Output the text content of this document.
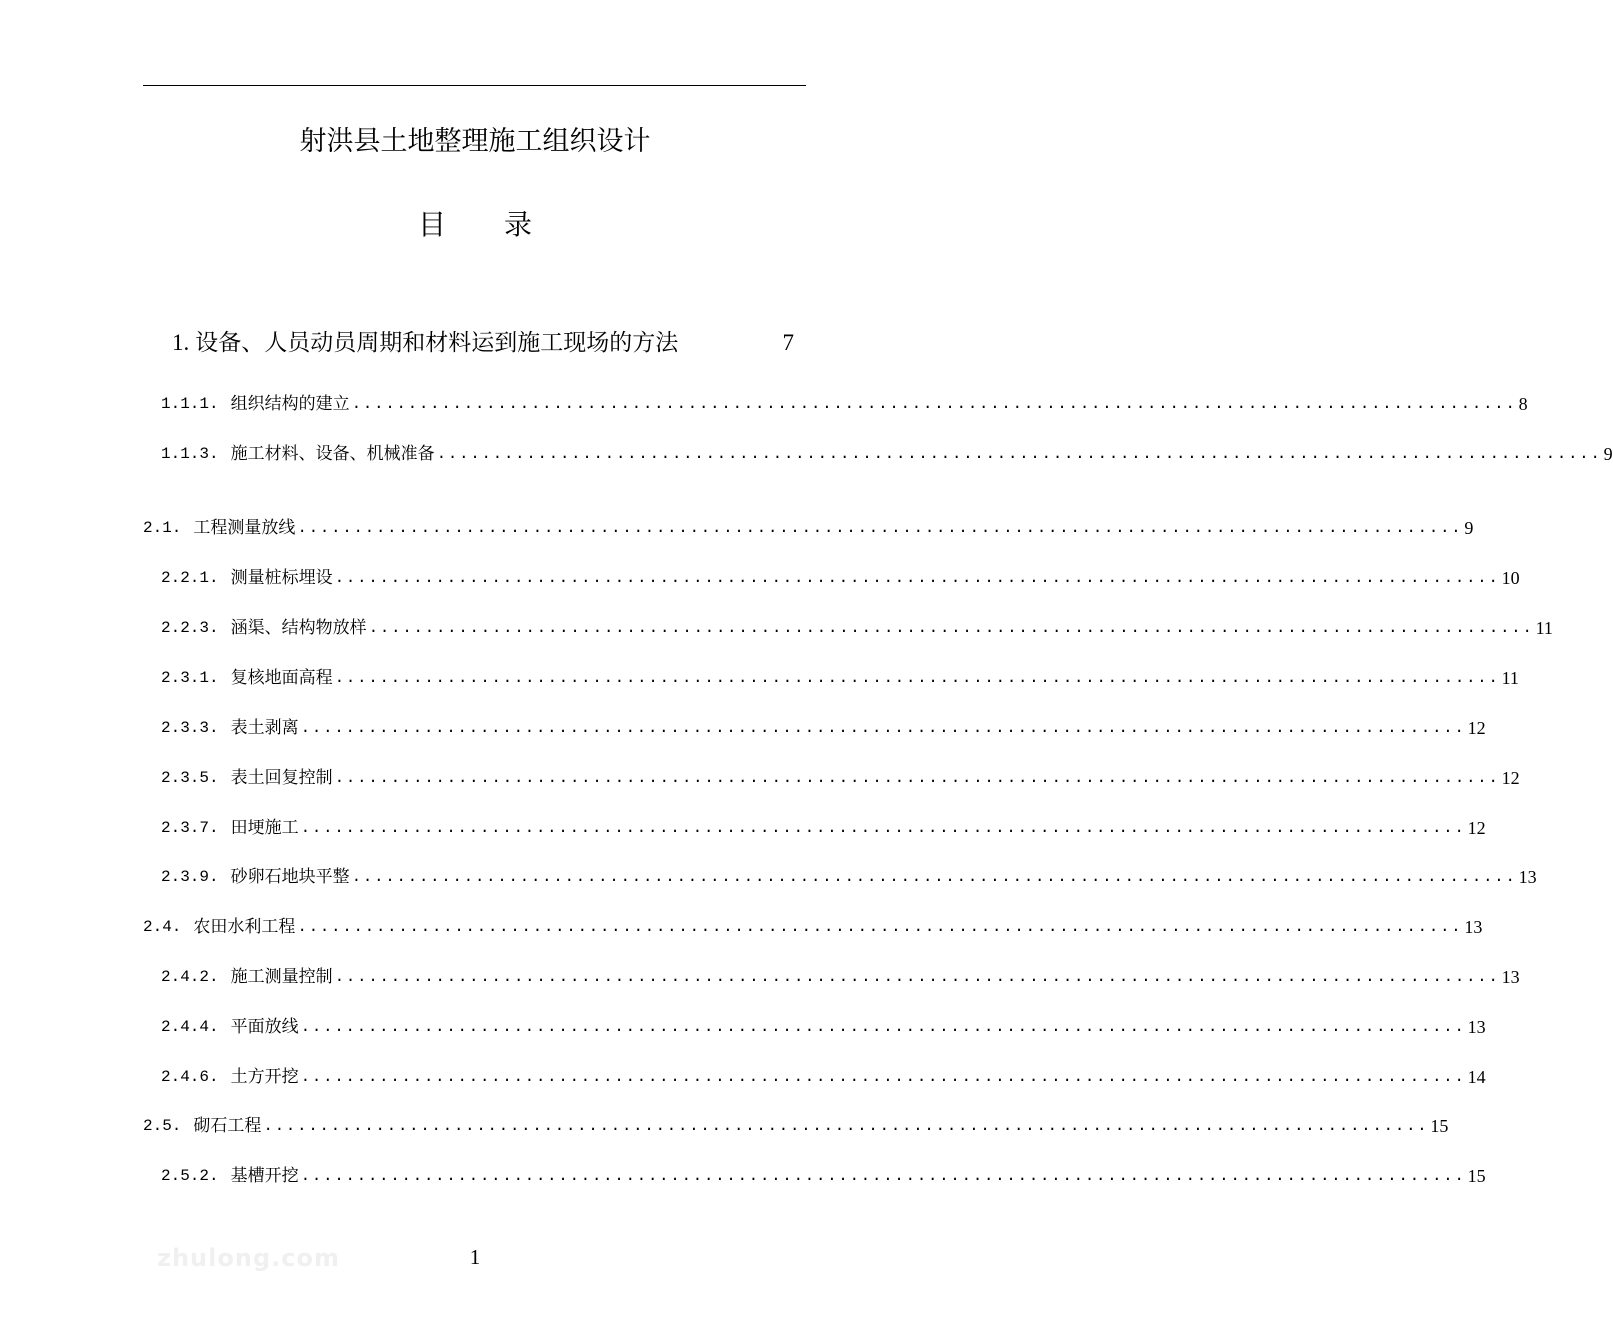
射洪县土地整理施工组织设计
目录
1. 设备、人员动员周期和材料运到施工现场的方法	7
1.1.1. 组织结构的建立 ........................................................................................................ 8
1.1.3. 施工材料、设备、机械准备 ........................................................................................................ 9
2.1. 工程测量放线 ........................................................................................................ 9
2.2.1. 测量桩标埋设 ........................................................................................................ 10
2.2.3. 涵渠、结构物放样 ........................................................................................................ 11
2.3.1. 复核地面高程 ........................................................................................................ 11
2.3.3. 表土剥离 ........................................................................................................ 12
2.3.5. 表土回复控制 ........................................................................................................ 12
2.3.7. 田埂施工 ........................................................................................................ 12
2.3.9. 砂卵石地块平整 ........................................................................................................ 13
2.4. 农田水利工程 ........................................................................................................ 13
2.4.2. 施工测量控制 ........................................................................................................ 13
2.4.4. 平面放线 ........................................................................................................ 13
2.4.6. 土方开挖 ........................................................................................................ 14
2.5. 砌石工程 ........................................................................................................ 15
2.5.2. 基槽开挖 ........................................................................................................ 15
zhulong.com	1
